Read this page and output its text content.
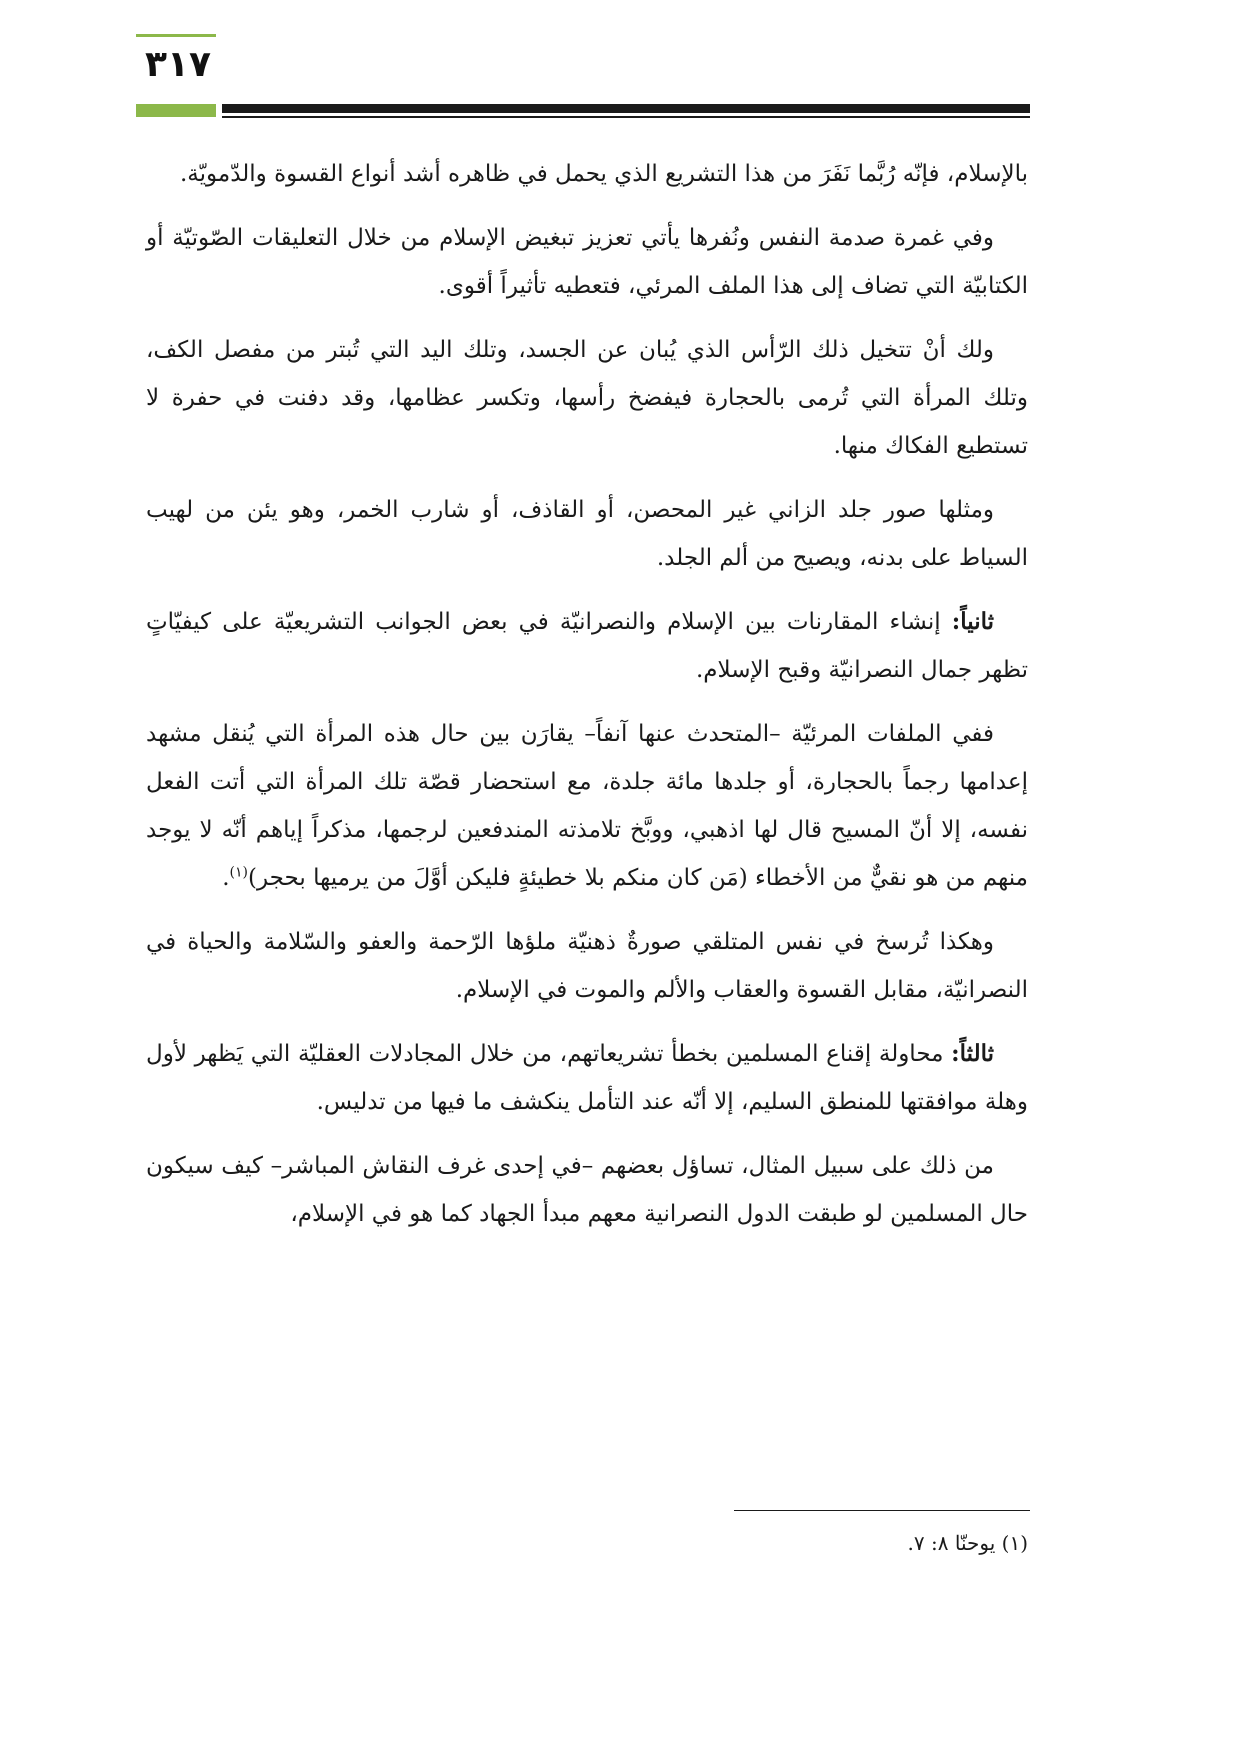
٣١٧

بالإسلام، فإنّه رُبَّما نَفَرَ من هذا التشريع الذي يحمل في ظاهره أشد أنواع القسوة والدّمويّة.

وفي غمرة صدمة النفس ونُفرها يأتي تعزيز تبغيض الإسلام من خلال التعليقات الصّوتيّة أو الكتابيّة التي تضاف إلى هذا الملف المرئي، فتعطيه تأثيراً أقوى.

ولك أنْ تتخيل ذلك الرّأس الذي يُبان عن الجسد، وتلك اليد التي تُبتر من مفصل الكف، وتلك المرأة التي تُرمى بالحجارة فيفضخ رأسها، وتكسر عظامها، وقد دفنت في حفرة لا تستطيع الفكاك منها.

ومثلها صور جلد الزاني غير المحصن، أو القاذف، أو شارب الخمر، وهو يئن من لهيب السياط على بدنه، ويصيح من ألم الجلد.

ثانياً: إنشاء المقارنات بين الإسلام والنصرانيّة في بعض الجوانب التشريعيّة على كيفيّاتٍ تظهر جمال النصرانيّة وقبح الإسلام.

ففي الملفات المرئيّة –المتحدث عنها آنفاً– يقارَن بين حال هذه المرأة التي يُنقل مشهد إعدامها رجماً بالحجارة، أو جلدها مائة جلدة، مع استحضار قصّة تلك المرأة التي أتت الفعل نفسه، إلا أنّ المسيح قال لها اذهبي، ووبَّخ تلامذته المندفعين لرجمها، مذكراً إياهم أنّه لا يوجد منهم من هو نقيٌّ من الأخطاء (مَن كان منكم بلا خطيئةٍ فليكن أوَّلَ من يرميها بحجر)$^{(١)}$.

وهكذا تُرسخ في نفس المتلقي صورةٌ ذهنيّة ملؤها الرّحمة والعفو والسّلامة والحياة في النصرانيّة، مقابل القسوة والعقاب والألم والموت في الإسلام.

ثالثاً: محاولة إقناع المسلمين بخطأ تشريعاتهم، من خلال المجادلات العقليّة التي يَظهر لأول وهلة موافقتها للمنطق السليم، إلا أنّه عند التأمل ينكشف ما فيها من تدليس.

من ذلك على سبيل المثال، تساؤل بعضهم –في إحدى غرف النقاش المباشر– كيف سيكون حال المسلمين لو طبقت الدول النصرانية معهم مبدأ الجهاد كما هو في الإسلام،

(١) يوحنّا ٨: ٧.
